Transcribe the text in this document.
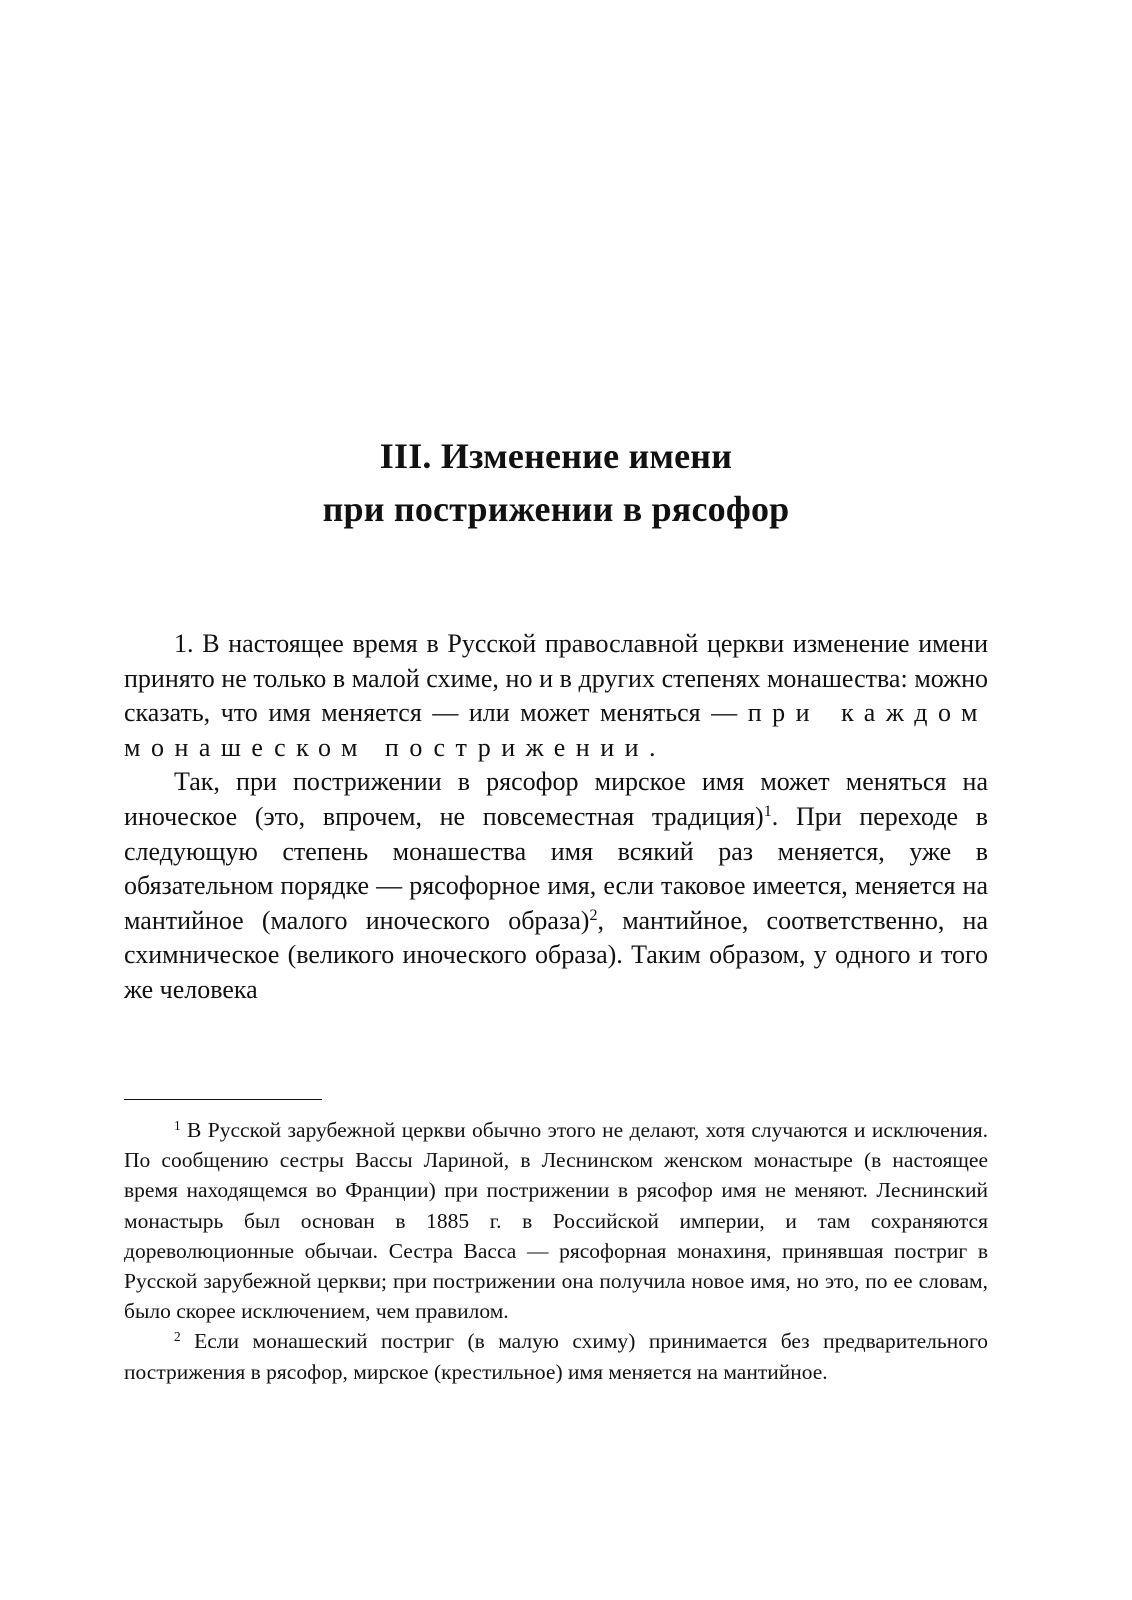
III. Изменение имени
при пострижении в рясофор

1. В настоящее время в Русской православной церкви изменение имени принято не только в малой схиме, но и в других степенях монашества: можно сказать, что имя меняется — или может меняться — при каждом монашеском пострижении.

Так, при пострижении в рясофор мирское имя может меняться на иноческое (это, впрочем, не повсеместная традиция)$^1$. При переходе в следующую степень монашества имя всякий раз меняется, уже в обязательном порядке — рясофорное имя, если таковое имеется, меняется на мантийное (малого иноческого образа)$^2$, мантийное, соответственно, на схимническое (великого иноческого образа). Таким образом, у одного и того же человека

$^1$ В Русской зарубежной церкви обычно этого не делают, хотя случаются и исключения. По сообщению сестры Вассы Лариной, в Леснинском женском монастыре (в настоящее время находящемся во Франции) при пострижении в рясофор имя не меняют. Леснинский монастырь был основан в 1885 г. в Российской империи, и там сохраняются дореволюционные обычаи. Сестра Васса — рясофорная монахиня, принявшая постриг в Русской зарубежной церкви; при пострижении она получила новое имя, но это, по ее словам, было скорее исключением, чем правилом.

$^2$ Если монашеский постриг (в малую схиму) принимается без предварительного пострижения в рясофор, мирское (крестильное) имя меняется на мантийное.
